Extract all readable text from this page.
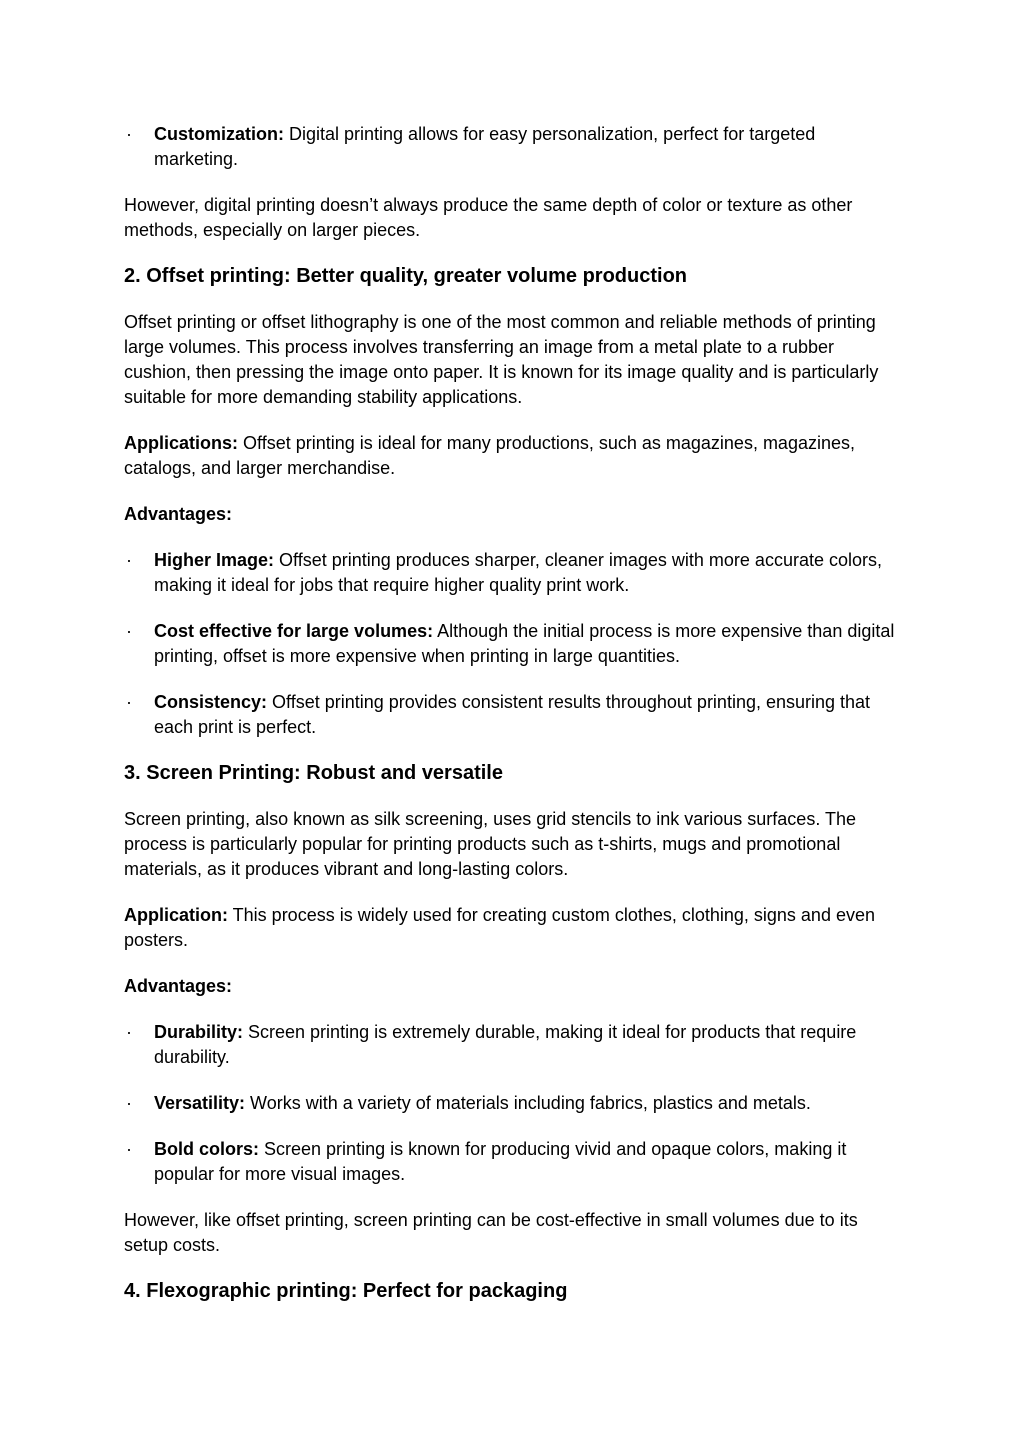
·	Customization: Digital printing allows for easy personalization, perfect for targeted marketing.

However, digital printing doesn’t always produce the same depth of color or texture as other methods, especially on larger pieces.

2. Offset printing: Better quality, greater volume production

Offset printing or offset lithography is one of the most common and reliable methods of printing large volumes. This process involves transferring an image from a metal plate to a rubber cushion, then pressing the image onto paper. It is known for its image quality and is particularly suitable for more demanding stability applications.

Applications: Offset printing is ideal for many productions, such as magazines, magazines, catalogs, and larger merchandise.

Advantages:

·	Higher Image: Offset printing produces sharper, cleaner images with more accurate colors, making it ideal for jobs that require higher quality print work.
·	Cost effective for large volumes: Although the initial process is more expensive than digital printing, offset is more expensive when printing in large quantities.
·	Consistency: Offset printing provides consistent results throughout printing, ensuring that each print is perfect.
3. Screen Printing: Robust and versatile

Screen printing, also known as silk screening, uses grid stencils to ink various surfaces. The process is particularly popular for printing products such as t-shirts, mugs and promotional materials, as it produces vibrant and long-lasting colors.

Application: This process is widely used for creating custom clothes, clothing, signs and even posters.

Advantages:

·	Durability: Screen printing is extremely durable, making it ideal for products that require durability.
·	Versatility: Works with a variety of materials including fabrics, plastics and metals.
·	Bold colors: Screen printing is known for producing vivid and opaque colors, making it popular for more visual images.

However, like offset printing, screen printing can be cost-effective in small volumes due to its setup costs.

4. Flexographic printing: Perfect for packaging
